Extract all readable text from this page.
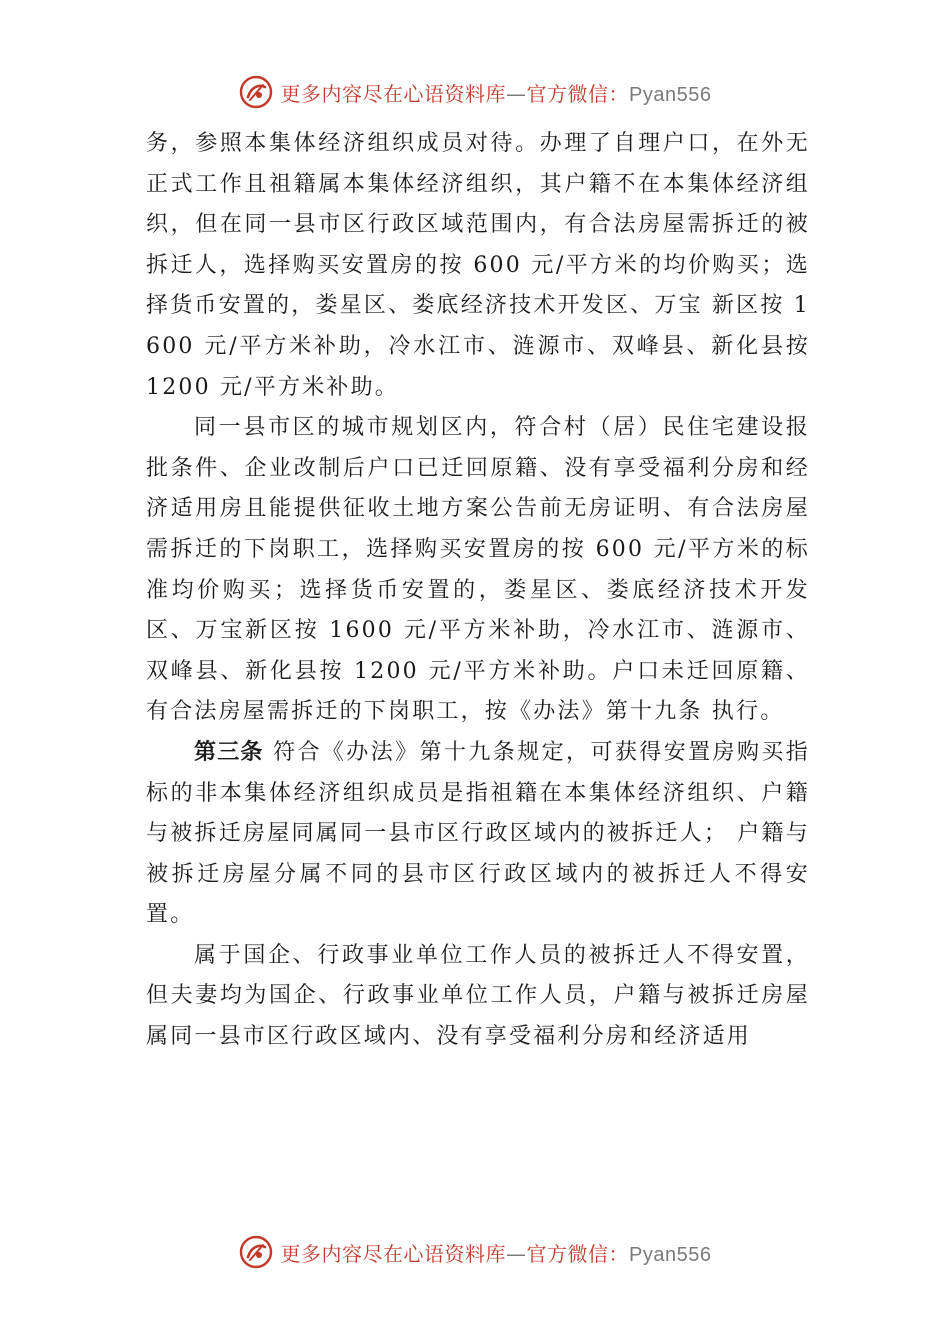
更多内容尽在心语资料库—官方微信：Pyan556

务，参照本集体经济组织成员对待。办理了自理户口，在外无正式工作且祖籍属本集体经济组织，其户籍不在本集体经济组织，但在同一县市区行政区域范围内，有合法房屋需拆迁的被拆迁人，选择购买安置房的按 600 元/平方米的均价购买；选择货币安置的，娄星区、娄底经济技术开发区、万宝 新区按 1600 元/平方米补助，冷水江市、涟源市、双峰县、新化县按 1200 元/平方米补助。

同一县市区的城市规划区内，符合村（居）民住宅建设报批条件、企业改制后户口已迁回原籍、没有享受福利分房和经济适用房且能提供征收土地方案公告前无房证明、有合法房屋需拆迁的下岗职工，选择购买安置房的按 600 元/平方米的标准均价购买；选择货币安置的，娄星区、娄底经济技术开发区、万宝新区按 1600 元/平方米补助，冷水江市、涟源市、双峰县、新化县按 1200 元/平方米补助。户口未迁回原籍、有合法房屋需拆迁的下岗职工，按《办法》第十九条 执行。

第三条 符合《办法》第十九条规定，可获得安置房购买指标的非本集体经济组织成员是指祖籍在本集体经济组织、户籍与被拆迁房屋同属同一县市区行政区域内的被拆迁人； 户籍与被拆迁房屋分属不同的县市区行政区域内的被拆迁人不得安置。

属于国企、行政事业单位工作人员的被拆迁人不得安置，但夫妻均为国企、行政事业单位工作人员，户籍与被拆迁房屋属同一县市区行政区域内、没有享受福利分房和经济适用

更多内容尽在心语资料库—官方微信：Pyan556
